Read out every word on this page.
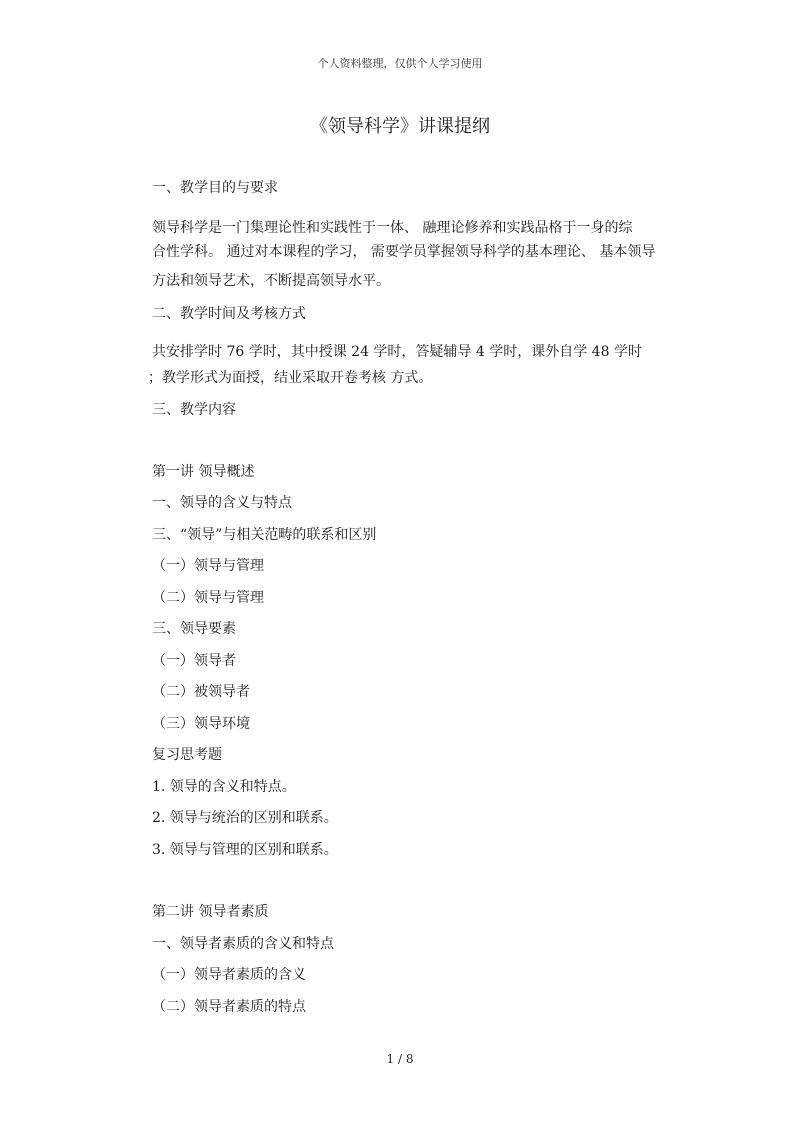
个人资料整理，仅供个人学习使用
《领导科学》讲课提纲
一、教学目的与要求
领导科学是一门集理论性和实践性于一体、 融理论修养和实践品格于一身的综
合性学科。 通过对本课程的学习， 需要学员掌握领导科学的基本理论、 基本领导
方法和领导艺术，不断提高领导水平。
二、教学时间及考核方式
共安排学时 76 学时，其中授课 24 学时，答疑辅导 4 学时，课外自学 48 学时
；教学形式为面授，结业采取开卷考核 方式。
三、教学内容
第一讲 领导概述
一、领导的含义与特点
三、“领导”与相关范畴的联系和区别
（一）领导与管理
（二）领导与管理
三、领导要素
（一）领导者
（二）被领导者
（三）领导环境
复习思考题
1. 领导的含义和特点。
2. 领导与统治的区别和联系。
3. 领导与管理的区别和联系。
第二讲 领导者素质
一、领导者素质的含义和特点
（一）领导者素质的含义
（二）领导者素质的特点
1 / 8
